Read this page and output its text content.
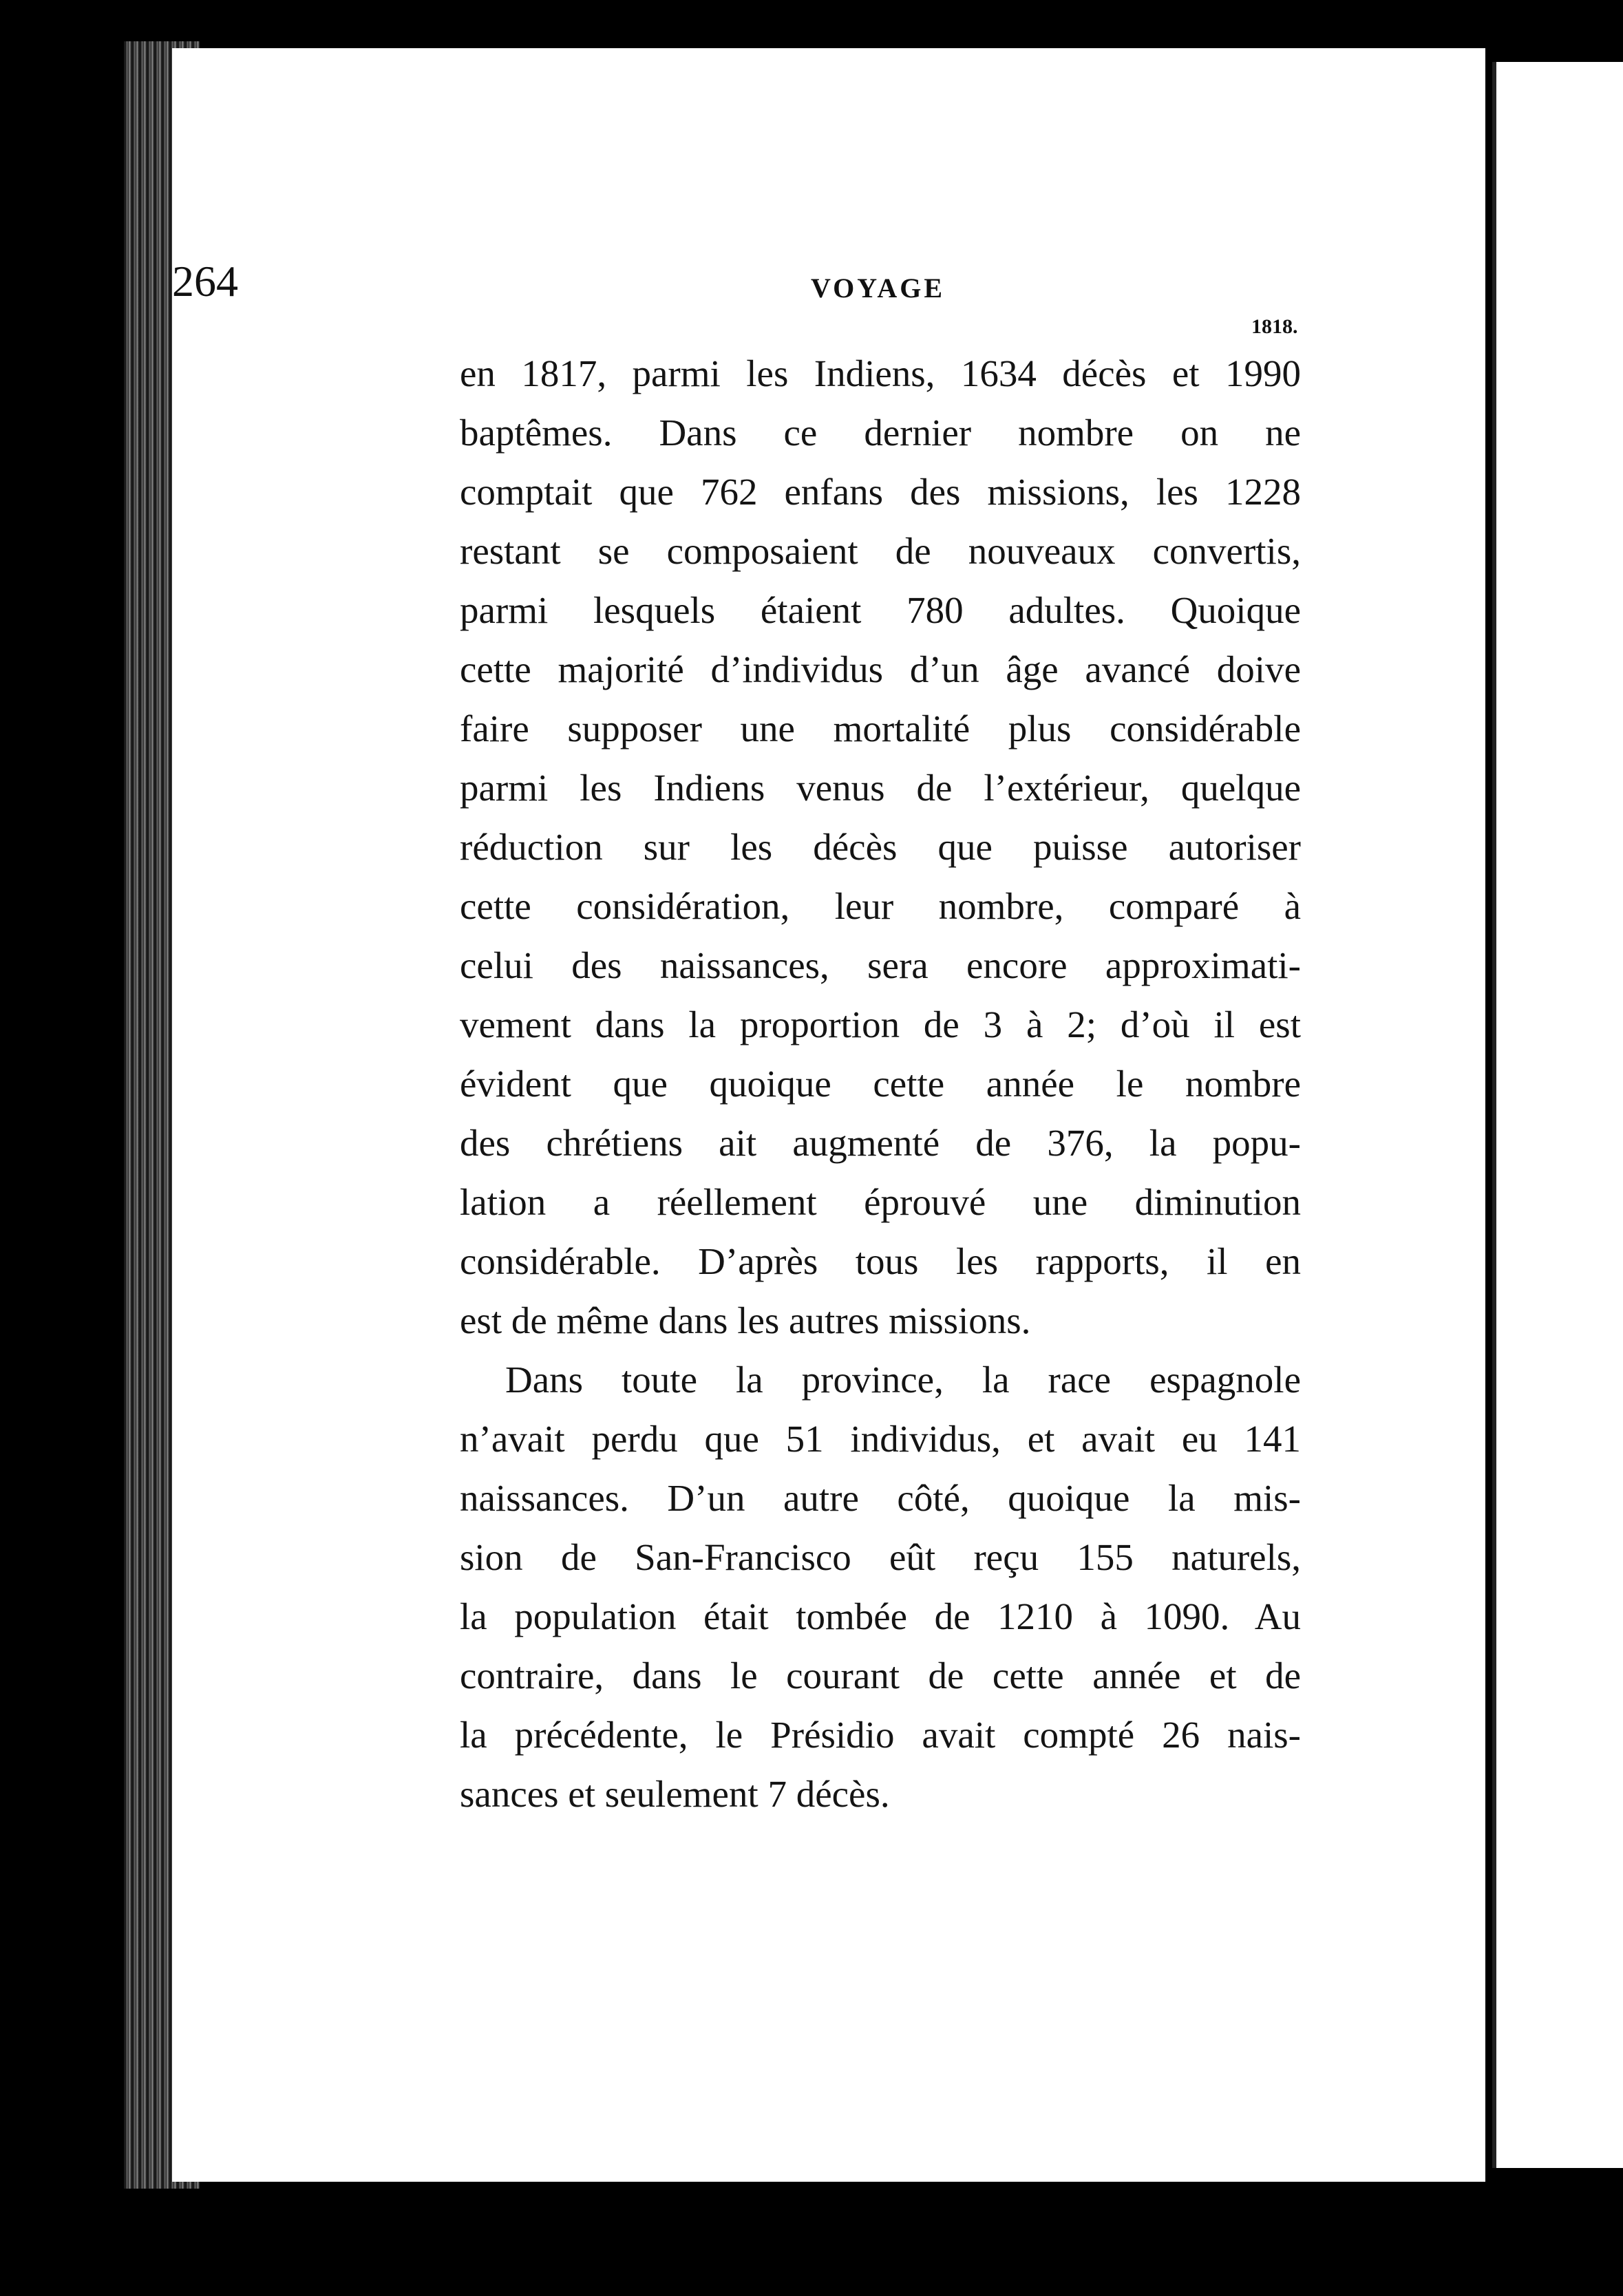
264	VOYAGE
1818.
en 1817, parmi les Indiens, 1634 décès et 1990
baptêmes. Dans ce dernier nombre on ne
comptait que 762 enfans des missions, les 1228
restant se composaient de nouveaux convertis,
parmi lesquels étaient 780 adultes. Quoique
cette majorité d’individus d’un âge avancé doive
faire supposer une mortalité plus considérable
parmi les Indiens venus de l’extérieur, quelque
réduction sur les décès que puisse autoriser
cette considération, leur nombre, comparé à
celui des naissances, sera encore approximati-
vement dans la proportion de 3 à 2; d’où il est
évident que quoique cette année le nombre
des chrétiens ait augmenté de 376, la popu-
lation a réellement éprouvé une diminution
considérable. D’après tous les rapports, il en
est de même dans les autres missions.
Dans toute la province, la race espagnole
n’avait perdu que 51 individus, et avait eu 141
naissances. D’un autre côté, quoique la mis-
sion de San-Francisco eût reçu 155 naturels,
la population était tombée de 1210 à 1090. Au
contraire, dans le courant de cette année et de
la précédente, le Présidio avait compté 26 nais-
sances et seulement 7 décès.
